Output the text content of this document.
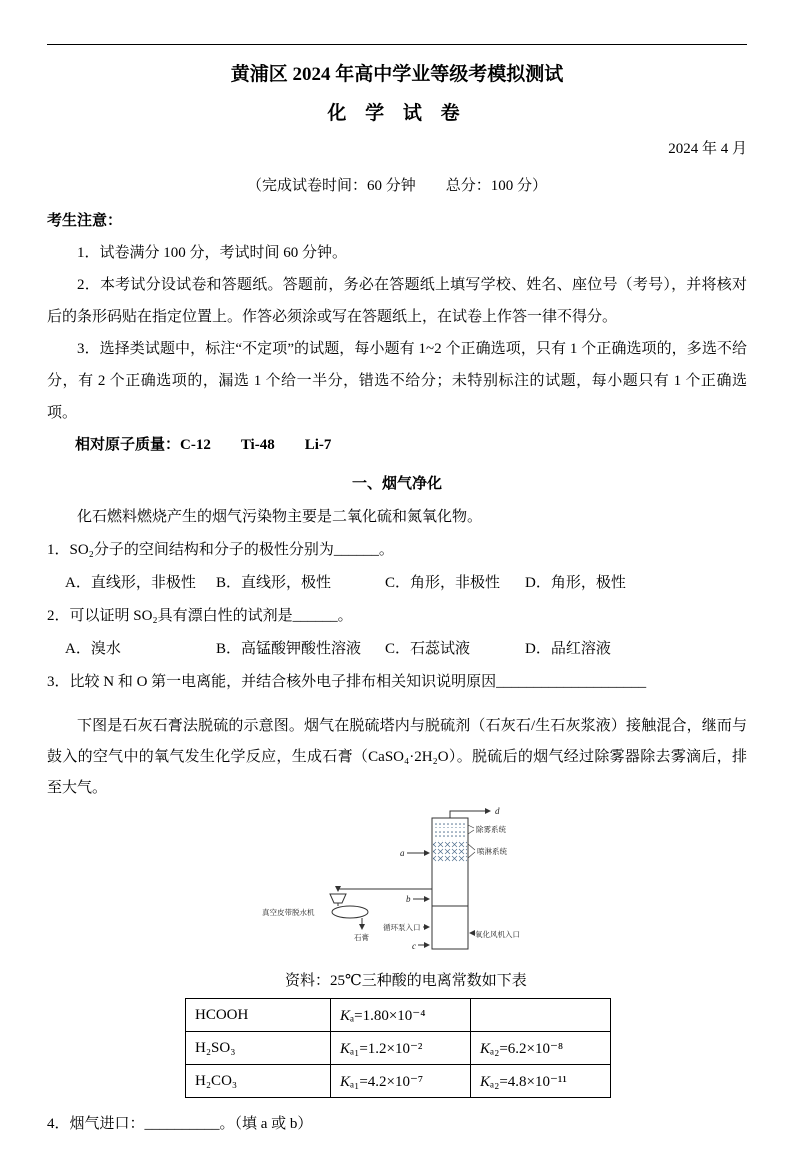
黄浦区 2024 年高中学业等级考模拟测试
化 学 试 卷
2024 年 4 月
（完成试卷时间：60 分钟　　总分：100 分）

考生注意：

1．试卷满分 100 分，考试时间 60 分钟。

2．本考试分设试卷和答题纸。答题前，务必在答题纸上填写学校、姓名、座位号（考号），并将核对后的条形码贴在指定位置上。作答必须涂或写在答题纸上，在试卷上作答一律不得分。

3．选择类试题中，标注“不定项”的试题，每小题有 1~2 个正确选项，只有 1 个正确选项的，多选不给分，有 2 个正确选项的，漏选 1 个给一半分，错选不给分；未特别标注的试题，每小题只有 1 个正确选项。

相对原子质量：C-12　　Ti-48　　Li-7
一、烟气净化

化石燃料燃烧产生的烟气污染物主要是二氧化硫和氮氧化物。

1．SO₂分子的空间结构和分子的极性分别为______。

A．直线形，非极性	B．直线形，极性	C．角形，非极性	D．角形，极性

2．可以证明 SO₂具有漂白性的试剂是______。

A．溴水	B．高锰酸钾酸性溶液	C．石蕊试液	D．品红溶液

3．比较 N 和 O 第一电离能，并结合核外电子排布相关知识说明原因____________________

下图是石灰石膏法脱硫的示意图。烟气在脱硫塔内与脱硫剂（石灰石/生石灰浆液）接触混合，继而与鼓入的空气中的氧气发生化学反应，生成石膏（CaSO₄·2H₂O）。脱硫后的烟气经过除雾器除去雾滴后，排至大气。

d
除雾系统
喷淋系统
a
b
真空皮带脱水机
石膏
循环泵入口
氧化风机入口
c
资料：25℃三种酸的电离常数如下表
HCOOH	Kₐ=1.80×10⁻⁴	
H₂SO₃	Kₐ₁=1.2×10⁻²	Kₐ₂=6.2×10⁻⁸
H₂CO₃	Kₐ₁=4.2×10⁻⁷	Kₐ₂=4.8×10⁻¹¹

4．烟气进口：__________。（填 a 或 b）
